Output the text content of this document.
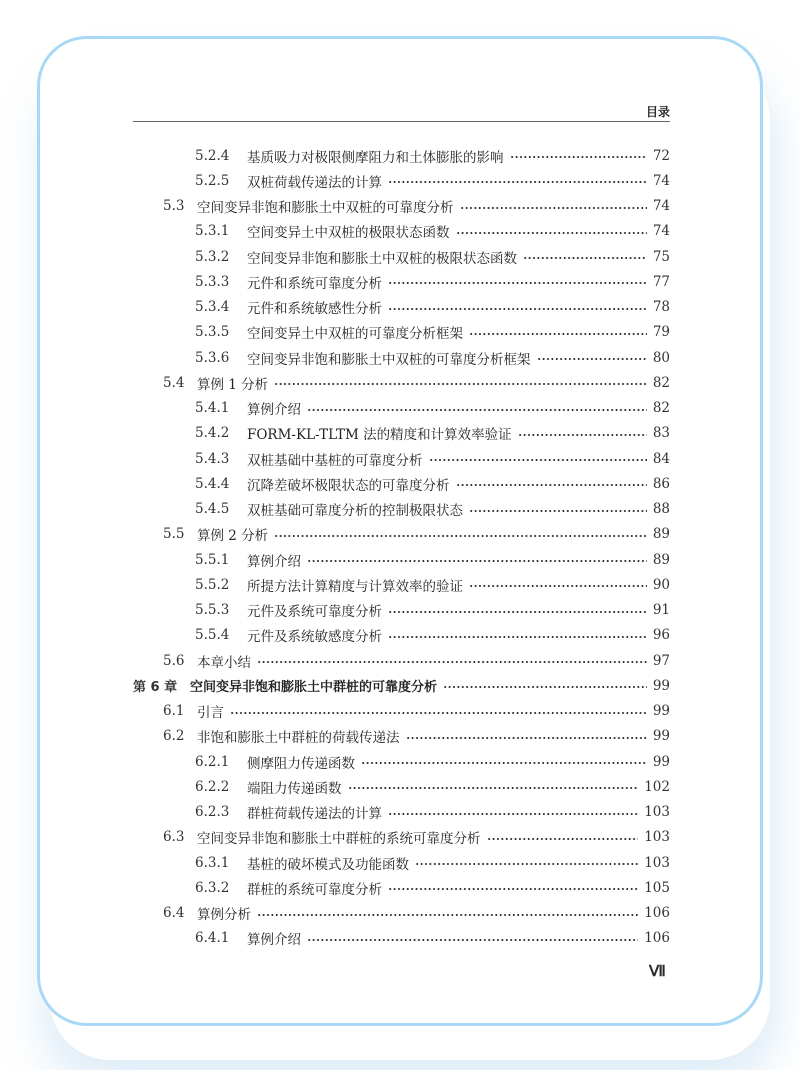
目录
5.2.4	基质吸力对极限侧摩阻力和土体膨胀的影响	72
5.2.5	双桩荷载传递法的计算	74
5.3 空间变异非饱和膨胀土中双桩的可靠度分析	74
5.3.1	空间变异土中双桩的极限状态函数	74
5.3.2	空间变异非饱和膨胀土中双桩的极限状态函数	75
5.3.3	元件和系统可靠度分析	77
5.3.4	元件和系统敏感性分析	78
5.3.5	空间变异土中双桩的可靠度分析框架	79
5.3.6	空间变异非饱和膨胀土中双桩的可靠度分析框架	80
5.4 算例 1 分析	82
5.4.1	算例介绍	82
5.4.2	FORM-KL-TLTM 法的精度和计算效率验证	83
5.4.3	双桩基础中基桩的可靠度分析	84
5.4.4	沉降差破坏极限状态的可靠度分析	86
5.4.5	双桩基础可靠度分析的控制极限状态	88
5.5 算例 2 分析	89
5.5.1	算例介绍	89
5.5.2	所提方法计算精度与计算效率的验证	90
5.5.3	元件及系统可靠度分析	91
5.5.4	元件及系统敏感度分析	96
5.6 本章小结	97
第 6 章 空间变异非饱和膨胀土中群桩的可靠度分析	99
6.1 引言	99
6.2 非饱和膨胀土中群桩的荷载传递法	99
6.2.1	侧摩阻力传递函数	99
6.2.2	端阻力传递函数	102
6.2.3	群桩荷载传递法的计算	103
6.3 空间变异非饱和膨胀土中群桩的系统可靠度分析	103
6.3.1	基桩的破坏模式及功能函数	103
6.3.2	群桩的系统可靠度分析	105
6.4 算例分析	106
6.4.1	算例介绍	106
Ⅶ
